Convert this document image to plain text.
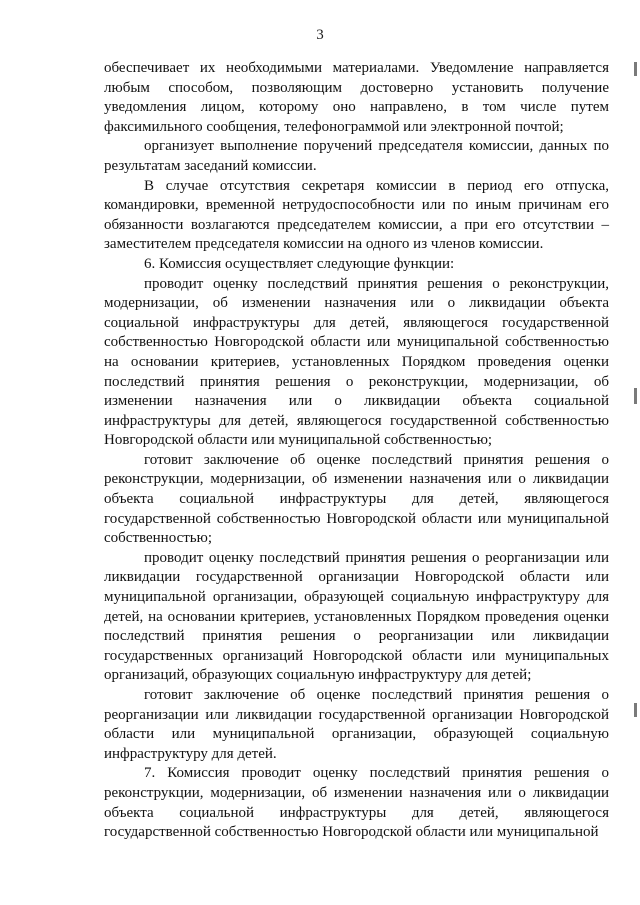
3

обеспечивает их необходимыми материалами. Уведомление направляется любым способом, позволяющим достоверно установить получение уведомления лицом, которому оно направлено, в том числе путем факсимильного сообщения, телефонограммой или электронной почтой;

организует выполнение поручений председателя комиссии, данных по результатам заседаний комиссии.

В случае отсутствия секретаря комиссии в период его отпуска, командировки, временной нетрудоспособности или по иным причинам его обязанности возлагаются председателем комиссии, а при его отсутствии – заместителем председателя комиссии на одного из членов комиссии.

6. Комиссия осуществляет следующие функции:

проводит оценку последствий принятия решения о реконструкции, модернизации, об изменении назначения или о ликвидации объекта социальной инфраструктуры для детей, являющегося государственной собственностью Новгородской области или муниципальной собственностью на основании критериев, установленных Порядком проведения оценки последствий принятия решения о реконструкции, модернизации, об изменении назначения или о ликвидации объекта социальной инфраструктуры для детей, являющегося государственной собственностью Новгородской области или муниципальной собственностью;

готовит заключение об оценке последствий принятия решения о реконструкции, модернизации, об изменении назначения или о ликвидации объекта социальной инфраструктуры для детей, являющегося государственной собственностью Новгородской области или муниципальной собственностью;

проводит оценку последствий принятия решения о реорганизации или ликвидации государственной организации Новгородской области или муниципальной организации, образующей социальную инфраструктуру для детей, на основании критериев, установленных Порядком проведения оценки последствий принятия решения о реорганизации или ликвидации государственных организаций Новгородской области или муниципальных организаций, образующих социальную инфраструктуру для детей;

готовит заключение об оценке последствий принятия решения о реорганизации или ликвидации государственной организации Новгородской области или муниципальной организации, образующей социальную инфраструктуру для детей.

7. Комиссия проводит оценку последствий принятия решения о реконструкции, модернизации, об изменении назначения или о ликвидации объекта социальной инфраструктуры для детей, являющегося государственной собственностью Новгородской области или муниципальной
